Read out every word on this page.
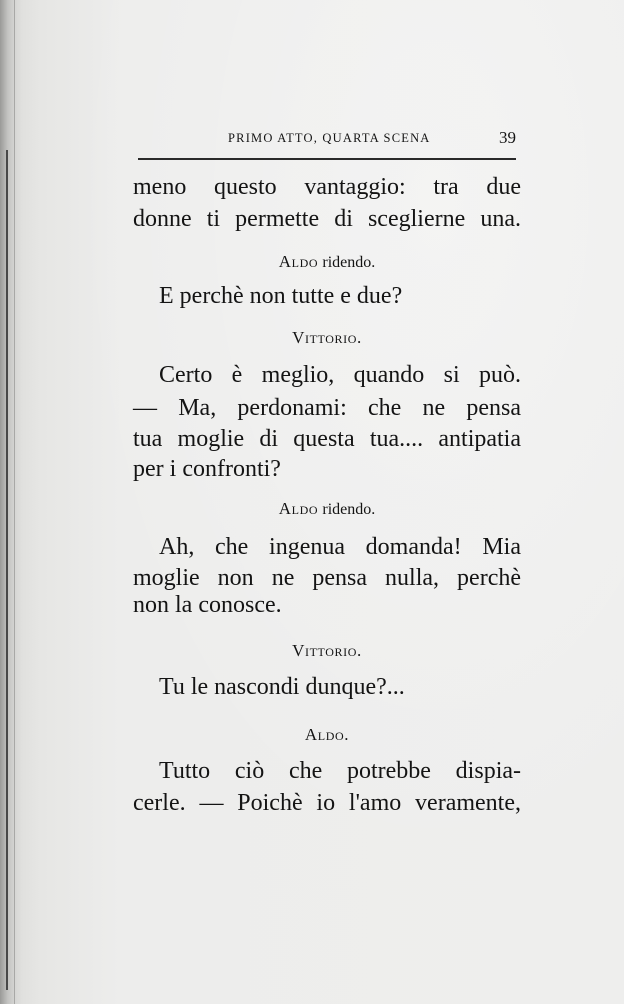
PRIMO ATTO, QUARTA SCENA	39
meno questo vantaggio: tra due
donne ti permette di sceglierne una.
Aldo ridendo.
E perchè non tutte e due?
Vittorio.
Certo è meglio, quando si può.
— Ma, perdonami: che ne pensa
tua moglie di questa tua.... antipatia
per i confronti?
Aldo ridendo.
Ah, che ingenua domanda! Mia
moglie non ne pensa nulla, perchè
non la conosce.
Vittorio.
Tu le nascondi dunque?...
Aldo.
Tutto ciò che potrebbe dispia-
cerle. — Poichè io l'amo veramente,
